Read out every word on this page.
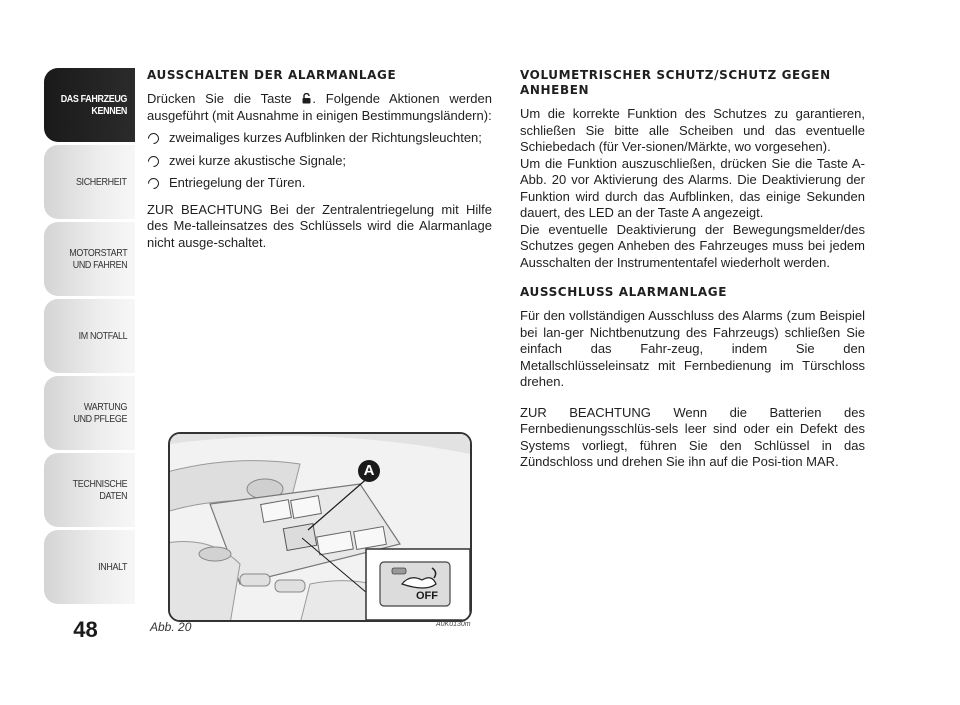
DAS FAHRZEUG
KENNEN
SICHERHEIT
MOTORSTART
UND FAHREN
IM NOTFALL
WARTUNG
UND PFLEGE
TECHNISCHE
DATEN
INHALT
48
AUSSCHALTEN DER ALARMANLAGE

Drücken Sie die Taste . Folgende Aktionen werden ausgeführt (mit Ausnahme in einigen Bestimmungsländern):

zweimaliges kurzes Aufblinken der Richtungsleuchten;
zwei kurze akustische Signale;
Entriegelung der Türen.

ZUR BEACHTUNG Bei der Zentralentriegelung mit Hilfe des Me-talleinsatzes des Schlüssels wird die Alarmanlage nicht ausge-schaltet.

VOLUMETRISCHER SCHUTZ/SCHUTZ GEGEN ANHEBEN

Um die korrekte Funktion des Schutzes zu garantieren, schließen Sie bitte alle Scheiben und das eventuelle Schiebedach (für Ver-sionen/Märkte, wo vorgesehen).

Um die Funktion auszuschließen, drücken Sie die Taste A-Abb. 20 vor Aktivierung des Alarms. Die Deaktivierung der Funktion wird durch das Aufblinken, das einige Sekunden dauert, des LED an der Taste A angezeigt.

Die eventuelle Deaktivierung der Bewegungsmelder/des Schutzes gegen Anheben des Fahrzeuges muss bei jedem Ausschalten der Instrumententafel wiederholt werden.

AUSSCHLUSS ALARMANLAGE

Für den vollständigen Ausschluss des Alarms (zum Beispiel bei lan-ger Nichtbenutzung des Fahrzeugs) schließen Sie einfach das Fahr-zeug, indem Sie den Metallschlüsseleinsatz mit Fernbedienung im Türschloss drehen.

ZUR BEACHTUNG Wenn die Batterien des Fernbedienungsschlüs-sels leer sind oder ein Defekt des Systems vorliegt, führen Sie den Schlüssel in das Zündschloss und drehen Sie ihn auf die Posi-tion MAR.

A
OFF
Abb. 20	A0K0130m
